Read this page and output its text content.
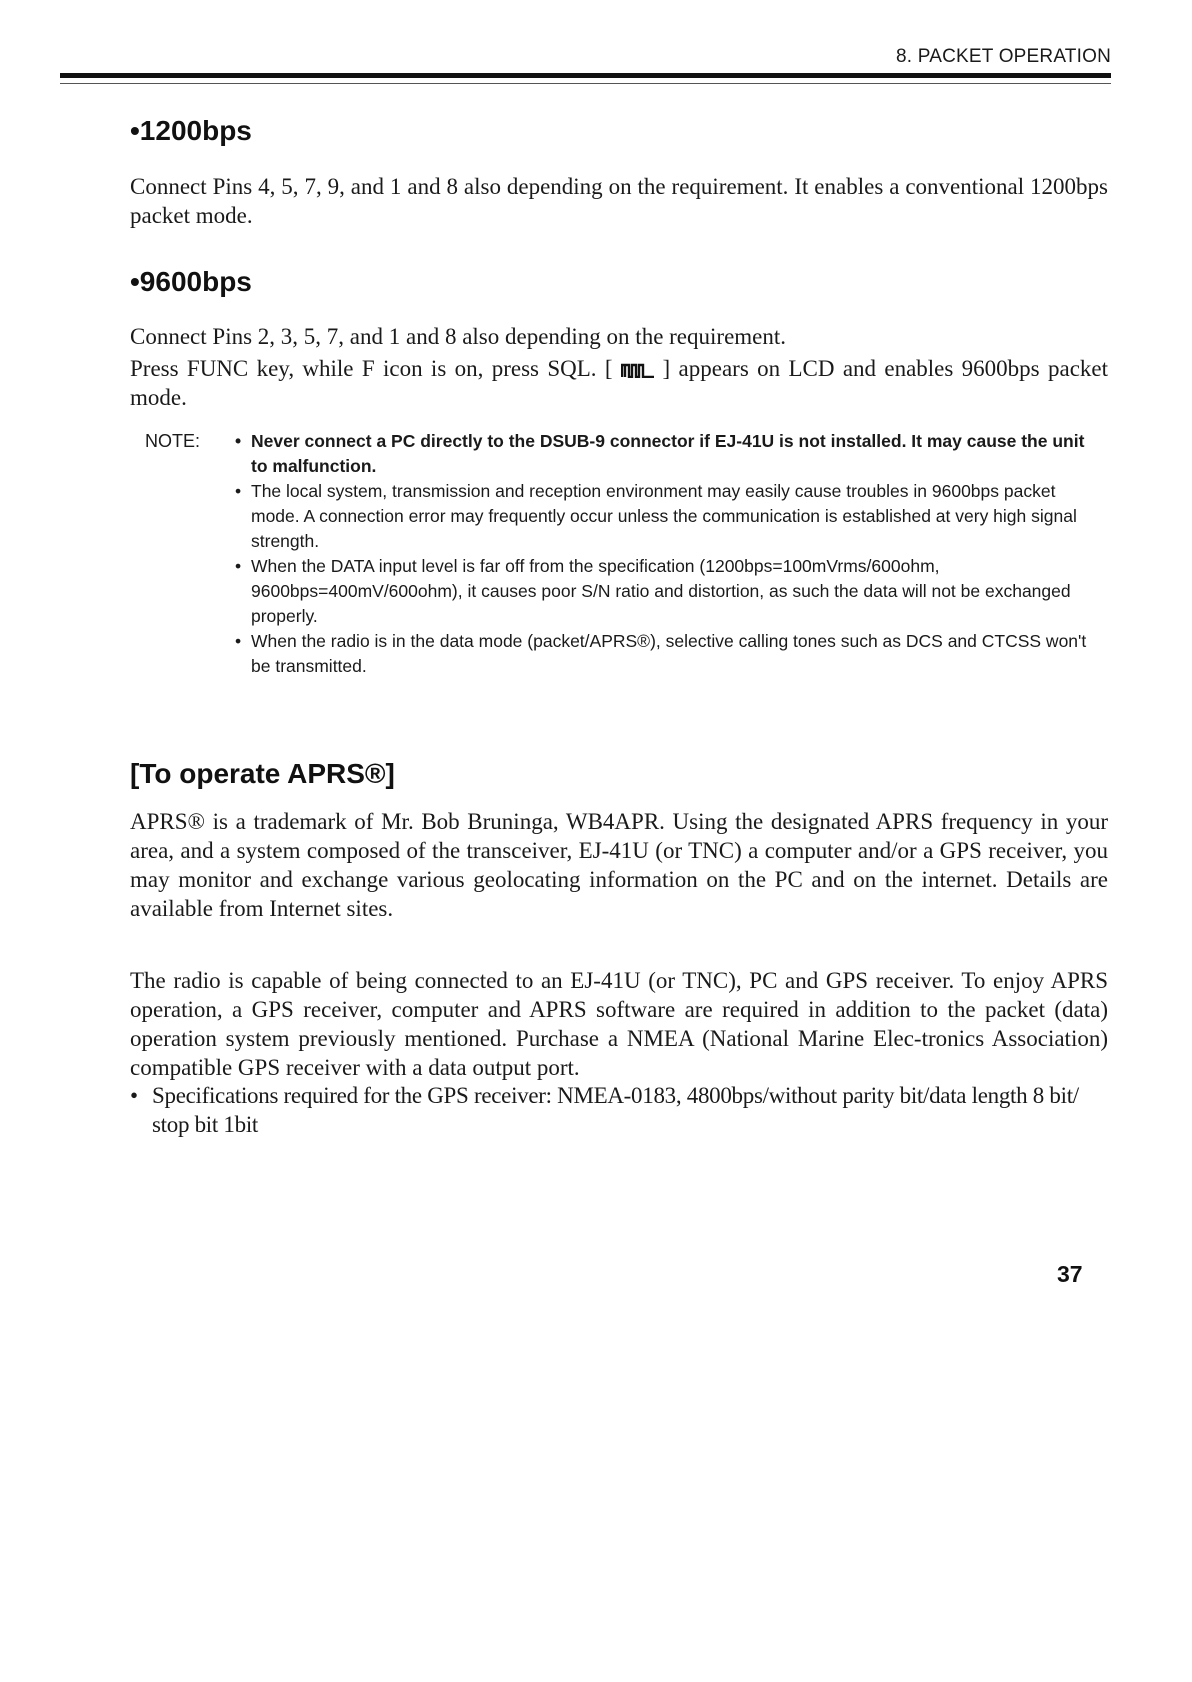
8. PACKET OPERATION
•1200bps

Connect Pins 4, 5, 7, 9, and 1 and 8 also depending on the requirement. It enables a conventional 1200bps packet mode.

•9600bps

Connect Pins 2, 3, 5, 7, and 1 and 8 also depending on the requirement.

Press FUNC key, while F icon is on, press SQL. [ ] appears on LCD and enables 9600bps packet mode.

NOTE:
•	Never connect a PC directly to the DSUB-9 connector if EJ-41U is not installed. It may cause the unit to malfunction.
• The local system, transmission and reception environment may easily cause troubles in 9600bps packet mode. A connection error may frequently occur unless the communication is established at very high signal strength.
• When the DATA input level is far off from the specification (1200bps=100mVrms/600ohm, 9600bps=400mV/600ohm), it causes poor S/N ratio and distortion, as such the data will not be exchanged properly.
• When the radio is in the data mode (packet/APRS®), selective calling tones such as DCS and CTCSS won't be transmitted.
[To operate APRS®]

APRS® is a trademark of Mr. Bob Bruninga, WB4APR. Using the designated APRS frequency in your area, and a system composed of the transceiver, EJ-41U (or TNC) a computer and/or a GPS receiver, you may monitor and exchange various geolocating information on the PC and on the internet. Details are available from Internet sites.

The radio is capable of being connected to an EJ-41U (or TNC), PC and GPS receiver. To enjoy APRS operation, a GPS receiver, computer and APRS software are required in addition to the packet (data) operation system previously mentioned. Purchase a NMEA (National Marine Elec-tronics Association) compatible GPS receiver with a data output port.

• Specifications required for the GPS receiver: NMEA-0183, 4800bps/without parity bit/data length 8 bit/ stop bit 1bit
37
